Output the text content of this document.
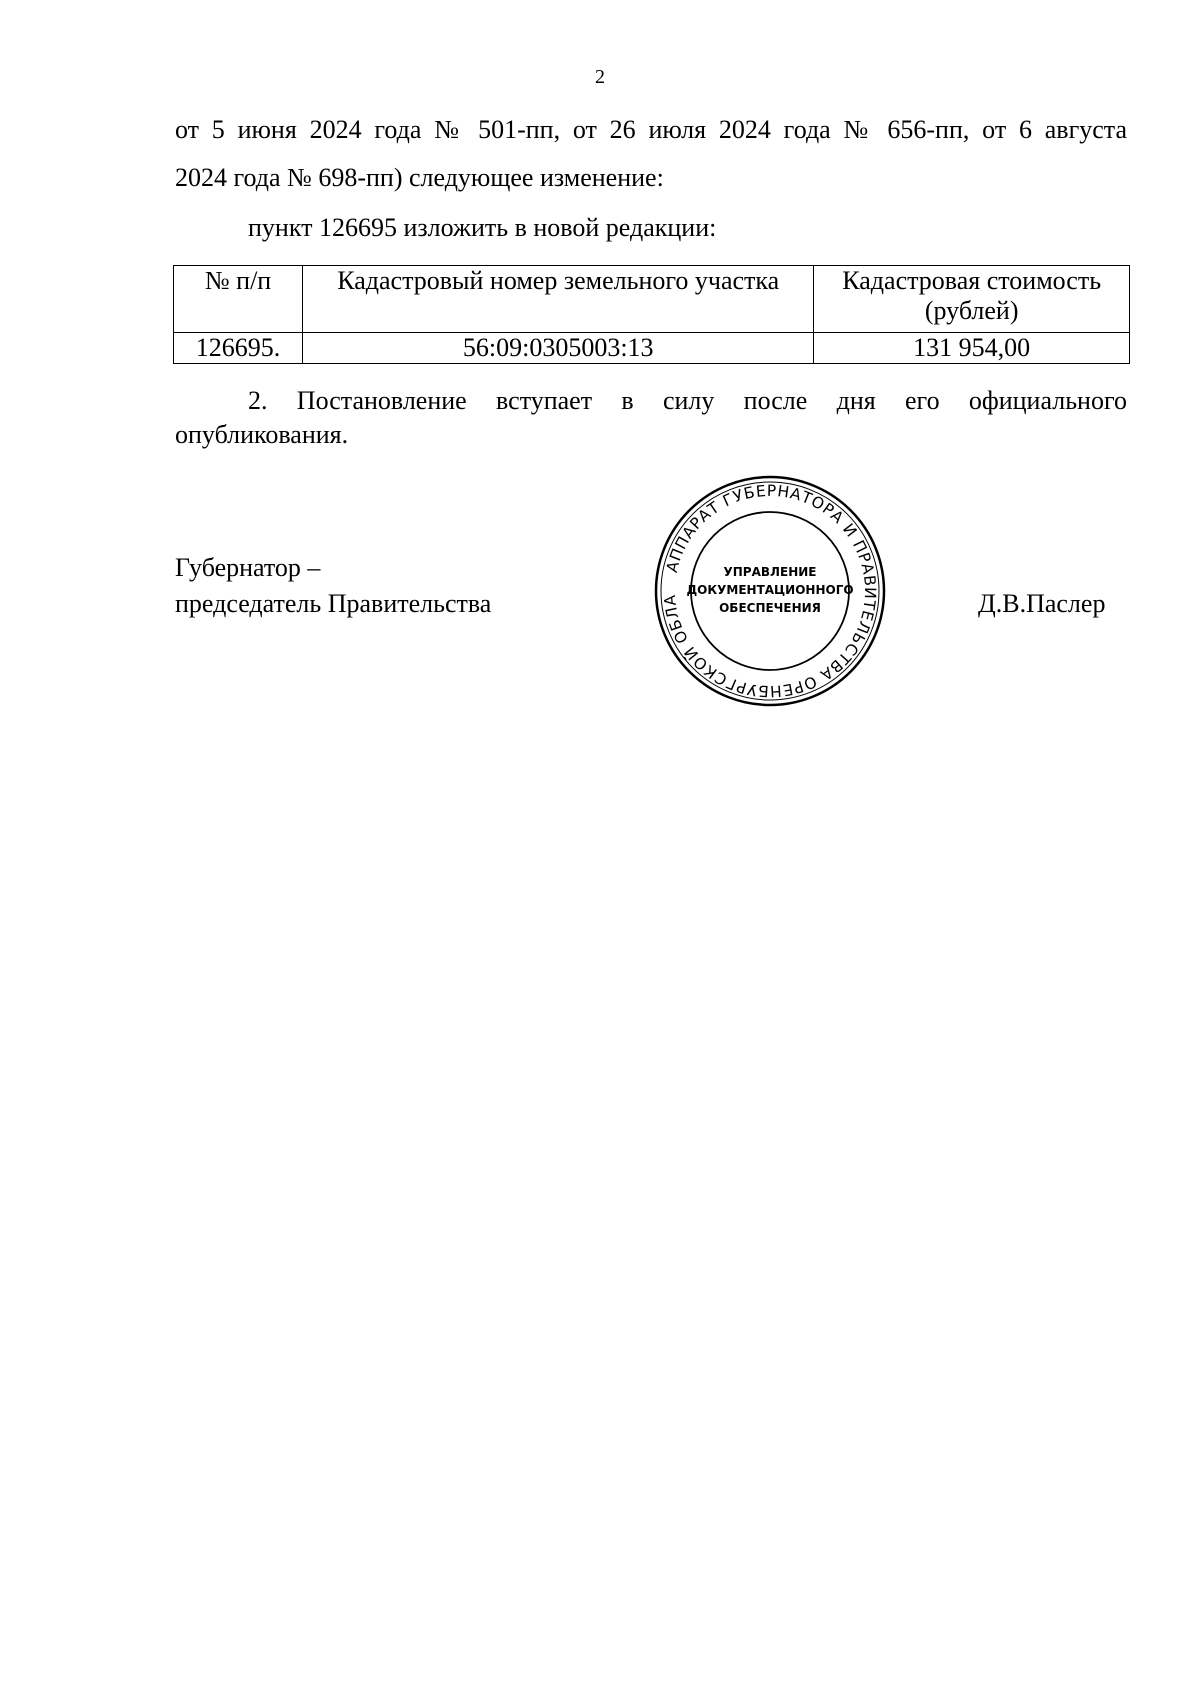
2
от 5 июня 2024 года № 501-пп, от 26 июля 2024 года № 656-пп, от 6 августа
2024 года № 698-пп) следующее изменение:
пункт 126695 изложить в новой редакции:
№ п/п	Кадастровый номер земельного участка	Кадастровая стоимость (рублей)
126695.	56:09:0305003:13	131 954,00
2. Постановление вступает в силу после дня его официального
опубликования.
Губернатор –
председатель Правительства	Д.В.Паслер
АППАРАТ ГУБЕРНАТОРА И ПРАВИТЕЛЬСТВА ОРЕНБУРГСКОЙ ОБЛА
УПРАВЛЕНИЕ
ДОКУМЕНТАЦИОННОГО
ОБЕСПЕЧЕНИЯ
